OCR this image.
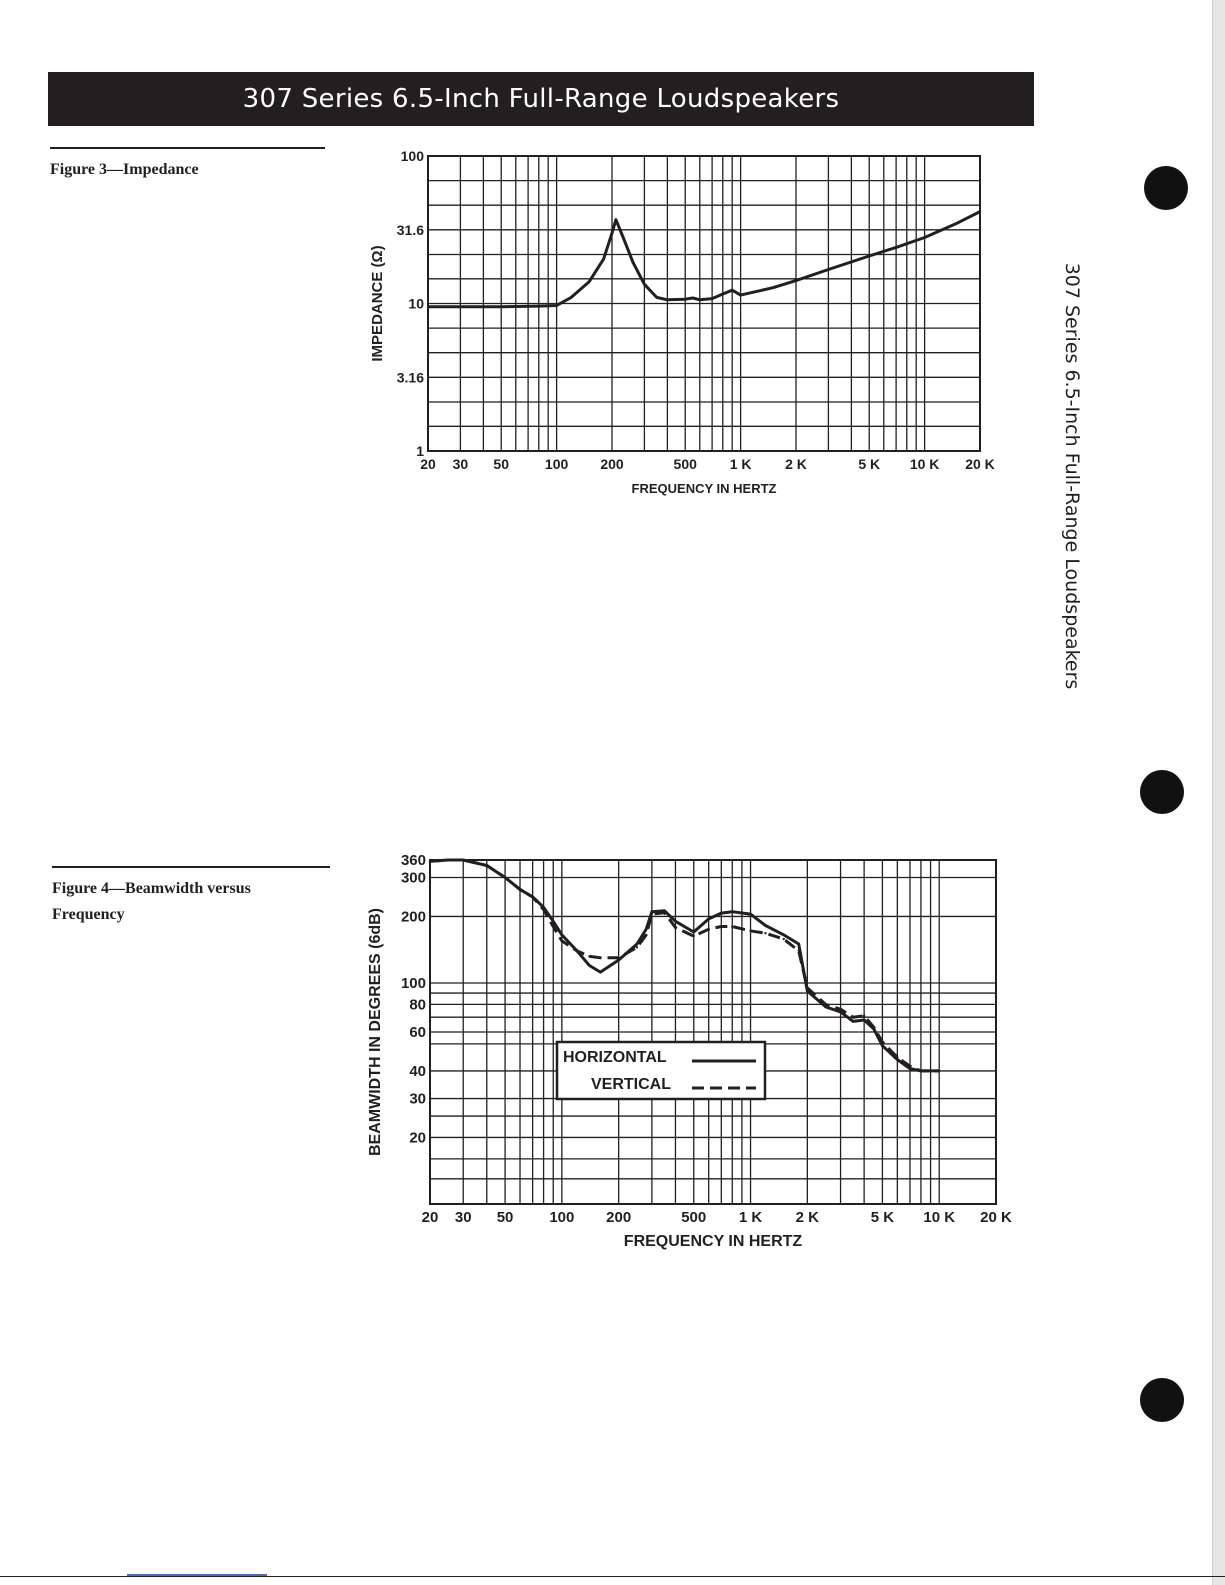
307 Series 6.5-Inch Full-Range Loudspeakers
Figure 3—Impedance
Figure 4—Beamwidth versus
Frequency
307 Series 6.5-Inch Full-Range Loudspeakers
20 30 50	100 200	500 1 K 2 K	5 K 10 K 20 K
1
3.16
10
31.6
100
FREQUENCY IN HERTZ
IMPEDANCE (Ω)
20 30 50 100 200	500 1 K 2 K	5 K 10 K 20 K
20
30
40
60
80
100
200
300
360
FREQUENCY IN HERTZ
BEAMWIDTH IN DEGREES (6dB)	HORIZONTAL
VERTICAL
